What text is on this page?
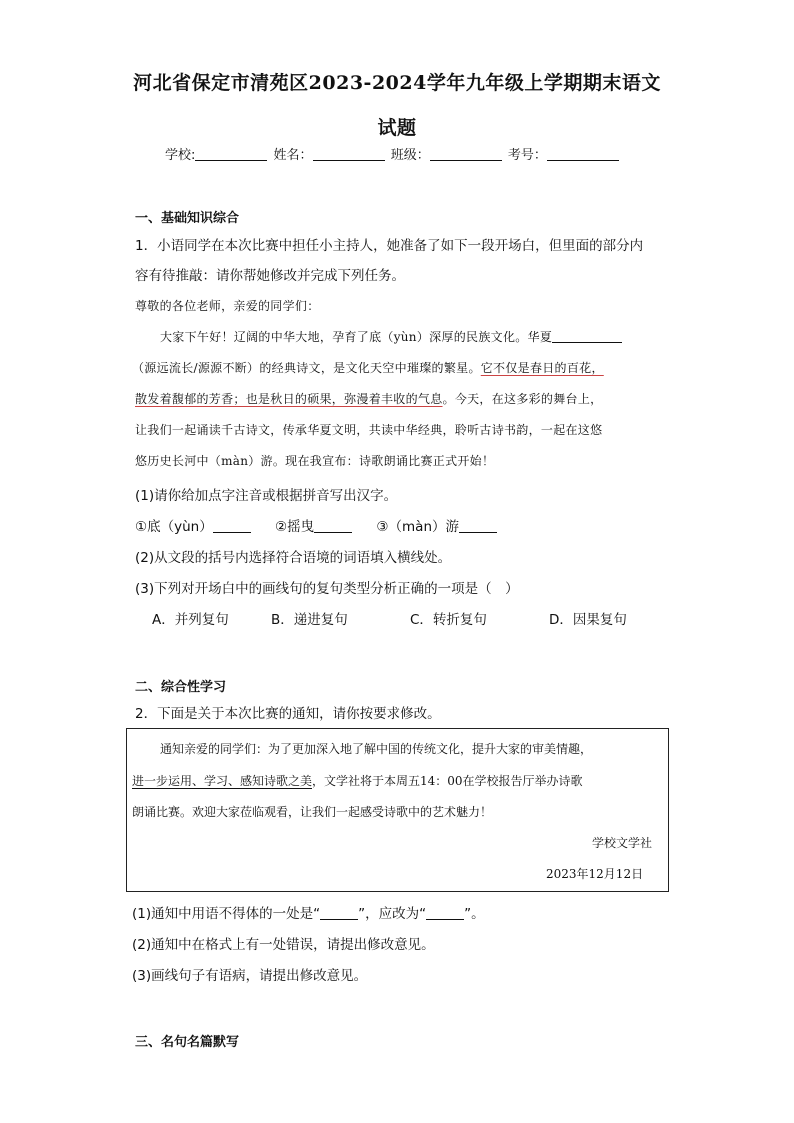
河北省保定市清苑区2023-2024学年九年级上学期期末语文
试题
学校:	姓名：	班级：	考号：
一、基础知识综合
1．小语同学在本次比赛中担任小主持人，她准备了如下一段开场白，但里面的部分内
容有待推敲：请你帮她修改并完成下列任务。
尊敬的各位老师，亲爱的同学们：
大家下午好！辽阔的中华大地，孕育了底（yùn）深厚的民族文化。华夏
（源远流长/源源不断）的经典诗文，是文化天空中璀璨的繁星。它不仅是春日的百花，
散发着馥郁的芳香；也是秋日的硕果，弥漫着丰收的气息。今天，在这多彩的舞台上，
让我们一起诵读千古诗文，传承华夏文明，共读中华经典，聆听古诗书韵，一起在这悠
悠历史长河中（màn）游。现在我宣布：诗歌朗诵比赛正式开始！
(1)请你给加点字注音或根据拼音写出汉字。
①底（yùn）	②摇曳	③（màn）游
(2)从文段的括号内选择符合语境的词语填入横线处。
(3)下列对开场白中的画线句的复句类型分析正确的一项是（　）
A．并列复句	B．递进复句	C．转折复句	D．因果复句
二、综合性学习
2．下面是关于本次比赛的通知，请你按要求修改。
通知亲爱的同学们：为了更加深入地了解中国的传统文化，提升大家的审美情趣，
进一步运用、学习、感知诗歌之美，文学社将于本周五14：00在学校报告厅举办诗歌
朗诵比赛。欢迎大家莅临观看，让我们一起感受诗歌中的艺术魅力！
学校文学社
2023年12月12日
(1)通知中用语不得体的一处是“	”，应改为“	”。
(2)通知中在格式上有一处错误，请提出修改意见。
(3)画线句子有语病，请提出修改意见。
三、名句名篇默写
